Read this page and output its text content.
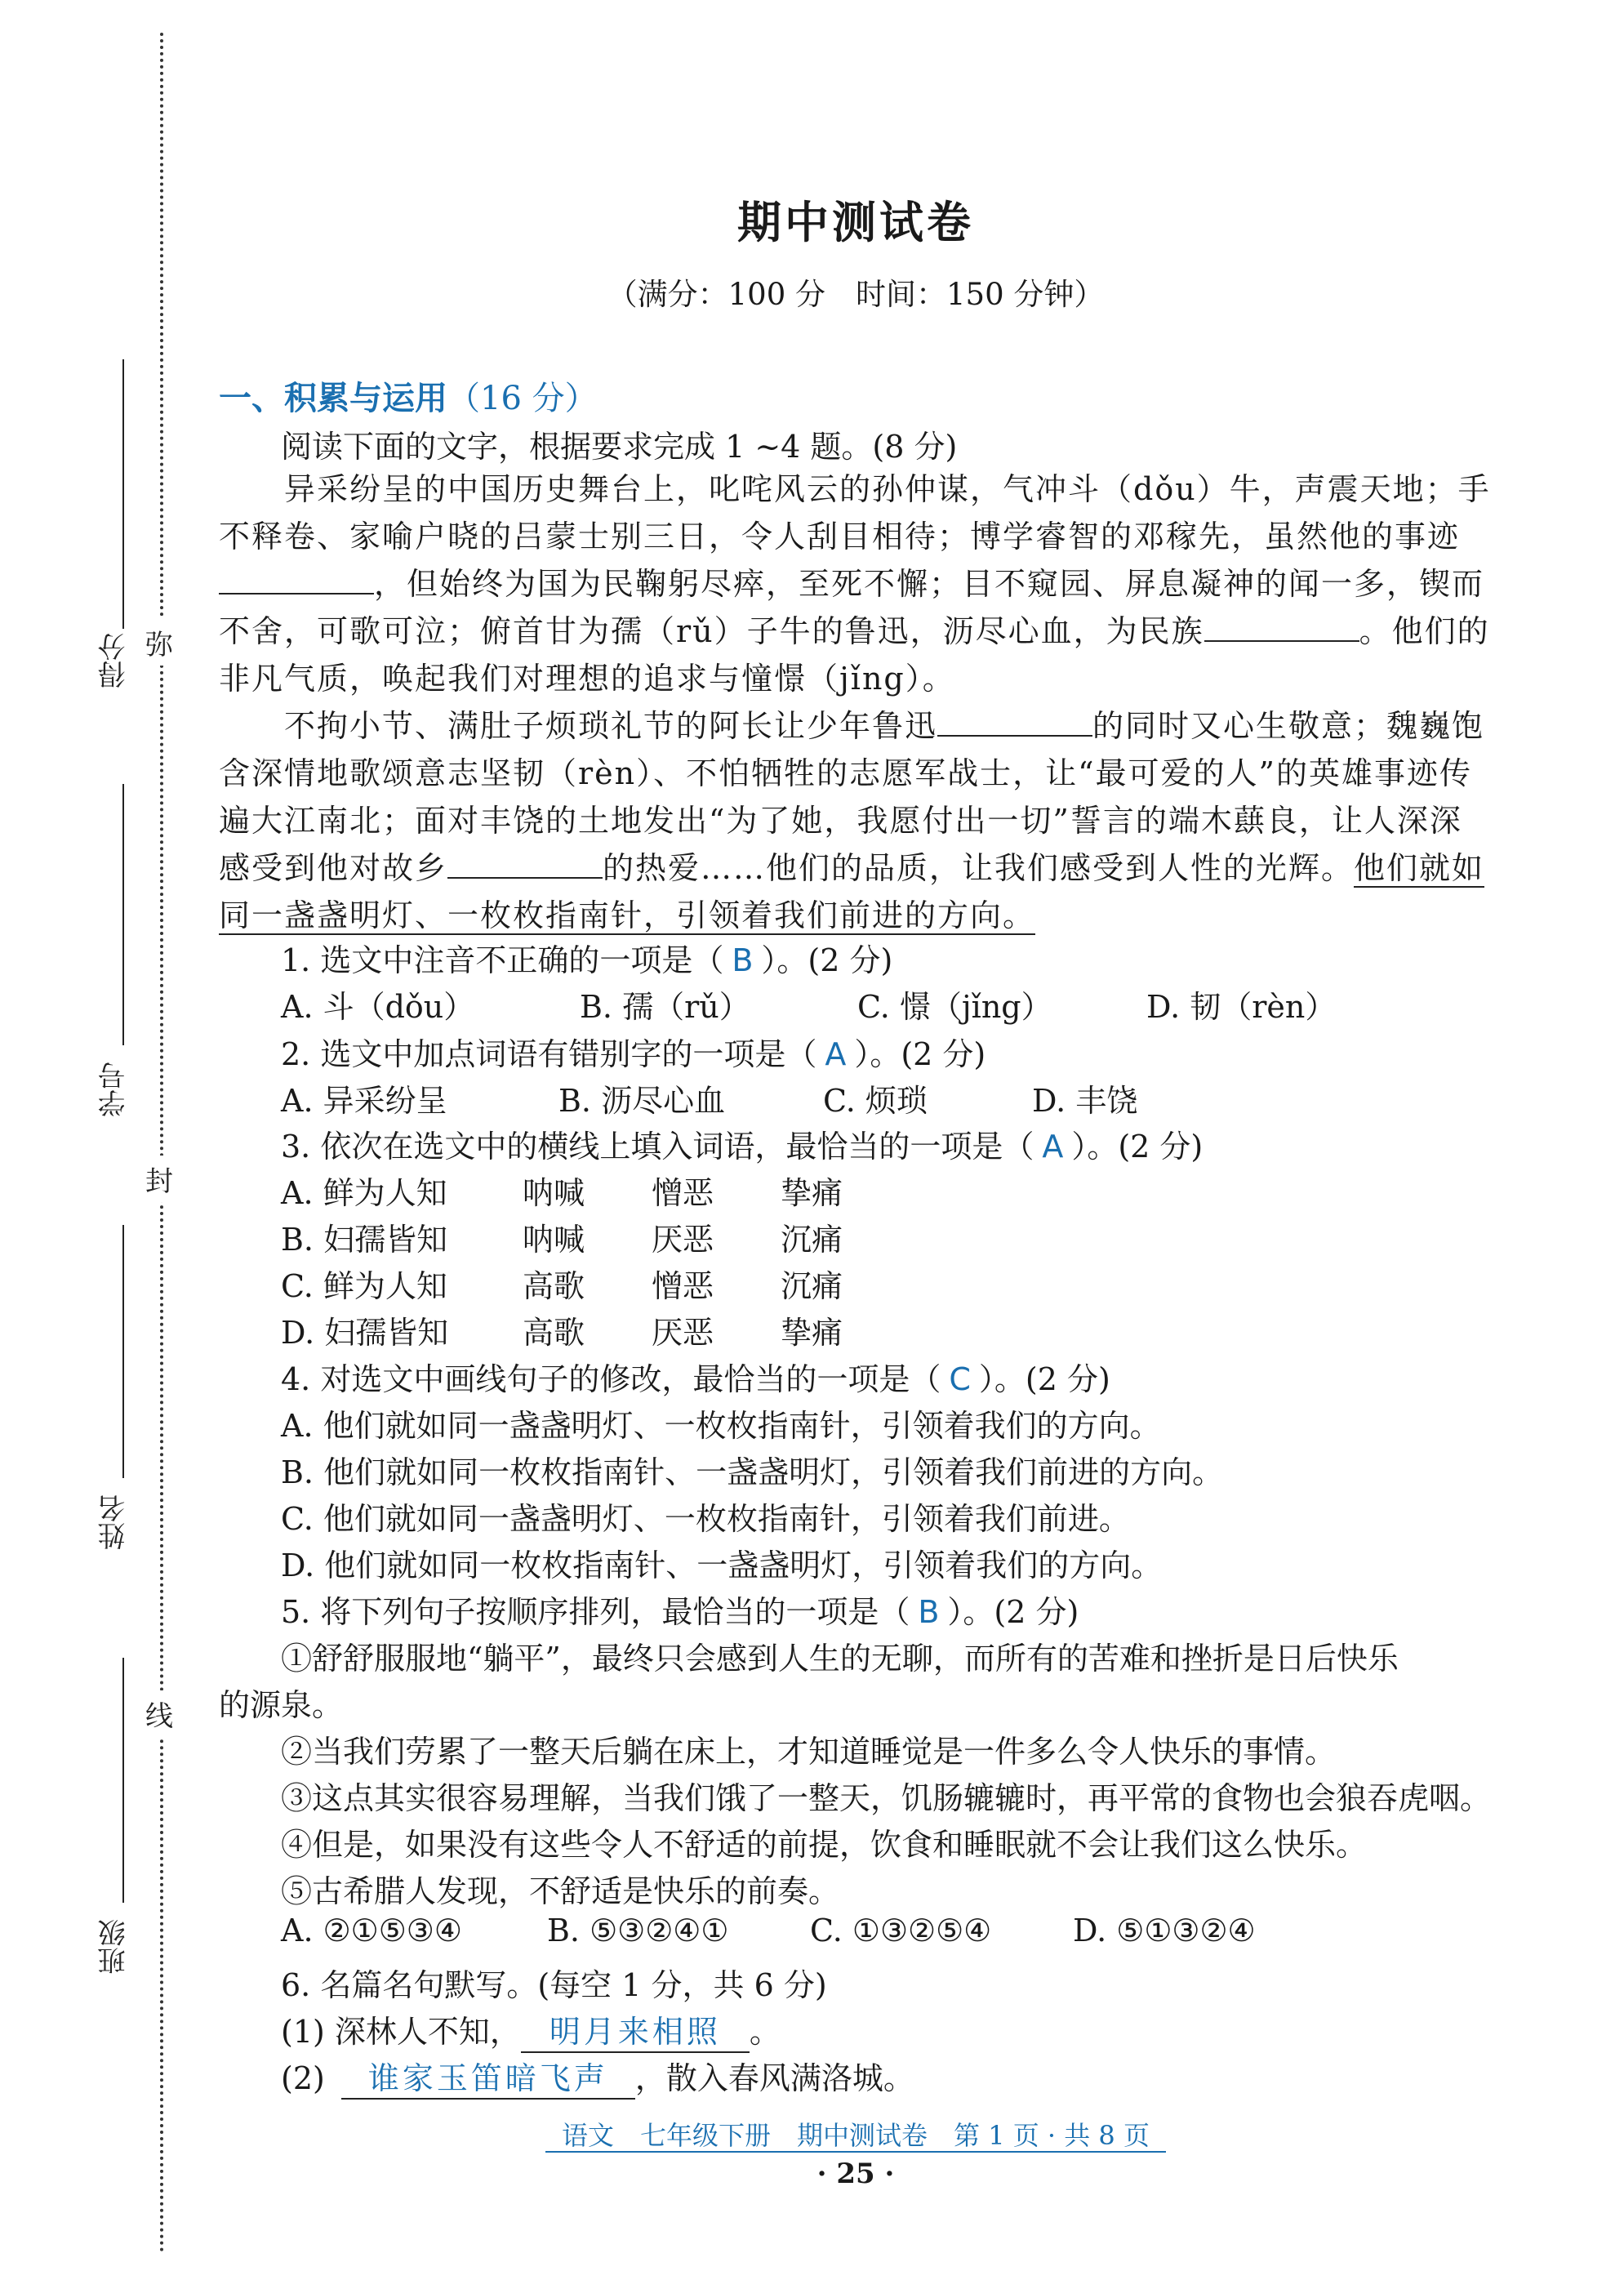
得分
学号
姓名
班级
弥
封
线
期中测试卷
（满分：100 分　时间：150 分钟）
一、积累与运用（16 分）
阅读下面的文字，根据要求完成 1 ~4 题。(8 分)

异采纷呈的中国历史舞台上，叱咤风云的孙仲谋，气冲斗（dǒu）牛，声震天地；手不释卷、家喻户晓的吕蒙士别三日，令人刮目相待；博学睿智的邓稼先，虽然他的事迹，但始终为国为民鞠躬尽瘁，至死不懈；目不窥园、屏息凝神的闻一多，锲而不舍，可歌可泣；俯首甘为孺（rǔ）子牛的鲁迅，沥尽心血，为民族	。他们的非凡气质，唤起我们对理想的追求与憧憬（jǐng）。

不拘小节、满肚子烦琐礼节的阿长让少年鲁迅	的同时又心生敬意；魏巍饱含深情地歌颂意志坚韧（rèn）、不怕牺牲的志愿军战士，让“最可爱的人”的英雄事迹传遍大江南北；面对丰饶的土地发出“为了她，我愿付出一切”誓言的端木蕻良，让人深深感受到他对故乡	的热爱……他们的品质，让我们感受到人性的光辉。他们就如同一盏盏明灯、一枚枚指南针，引领着我们前进的方向。

1. 选文中注音不正确的一项是（ B ）。(2 分)
A. 斗（dǒu）	B. 孺（rǔ）	C. 憬（jǐng）	D. 韧（rèn）
2. 选文中加点词语有错别字的一项是（ A ）。(2 分)
A. 异采纷呈	B. 沥尽心血	C. 烦琐	D. 丰饶
3. 依次在选文中的横线上填入词语，最恰当的一项是（ A ）。(2 分)
A. 鲜为人知 呐喊 憎恶 挚痛
B. 妇孺皆知 呐喊 厌恶 沉痛
C. 鲜为人知 高歌 憎恶 沉痛
D. 妇孺皆知 高歌 厌恶 挚痛
4. 对选文中画线句子的修改，最恰当的一项是（ C ）。(2 分)
A. 他们就如同一盏盏明灯、一枚枚指南针，引领着我们的方向。
B. 他们就如同一枚枚指南针、一盏盏明灯，引领着我们前进的方向。
C. 他们就如同一盏盏明灯、一枚枚指南针，引领着我们前进。
D. 他们就如同一枚枚指南针、一盏盏明灯，引领着我们的方向。
5. 将下列句子按顺序排列，最恰当的一项是（ B ）。(2 分)
①舒舒服服地“躺平”，最终只会感到人生的无聊，而所有的苦难和挫折是日后快乐
的源泉。
②当我们劳累了一整天后躺在床上，才知道睡觉是一件多么令人快乐的事情。
③这点其实很容易理解，当我们饿了一整天，饥肠辘辘时，再平常的食物也会狼吞虎咽。
④但是，如果没有这些令人不舒适的前提，饮食和睡眠就不会让我们这么快乐。
⑤古希腊人发现，不舒适是快乐的前奏。
A. ②①⑤③④	B. ⑤③②④①	C. ①③②⑤④	D. ⑤①③②④
6. 名篇名句默写。(每空 1 分，共 6 分)
(1) 深林人不知， 明月来相照 。
(2) 谁家玉笛暗飞声 ，散入春风满洛城。
语文　七年级下册　期中测试卷　第 1 页 · 共 8 页
· 25 ·
